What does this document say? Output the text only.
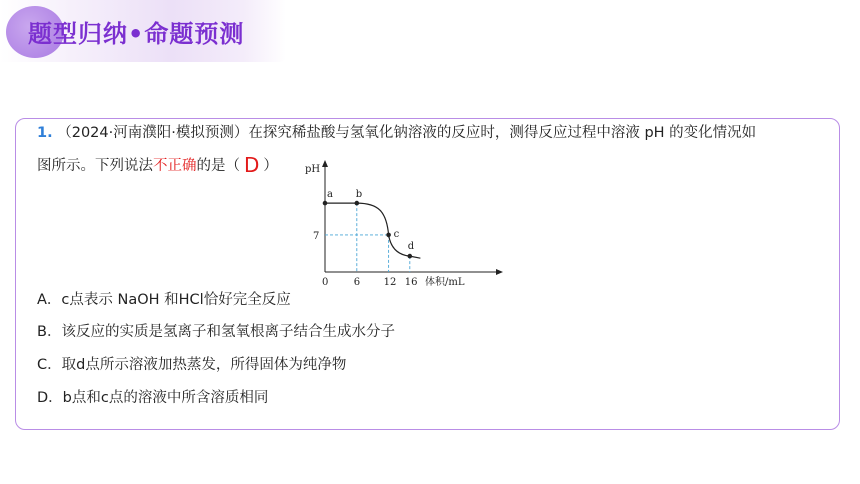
题型归纳•命题预测
1. （2024·河南濮阳·模拟预测）在探究稀盐酸与氢氧化钠溶液的反应时，测得反应过程中溶液 pH 的变化情况如
图所示。下列说法不正确的是（ D ）	pH
体积/mL
0	6 12 16
7
a b
c
d
A．c点表示 NaOH 和HCl恰好完全反应
B．该反应的实质是氢离子和氢氧根离子结合生成水分子
C．取d点所示溶液加热蒸发，所得固体为纯净物
D．b点和c点的溶液中所含溶质相同
